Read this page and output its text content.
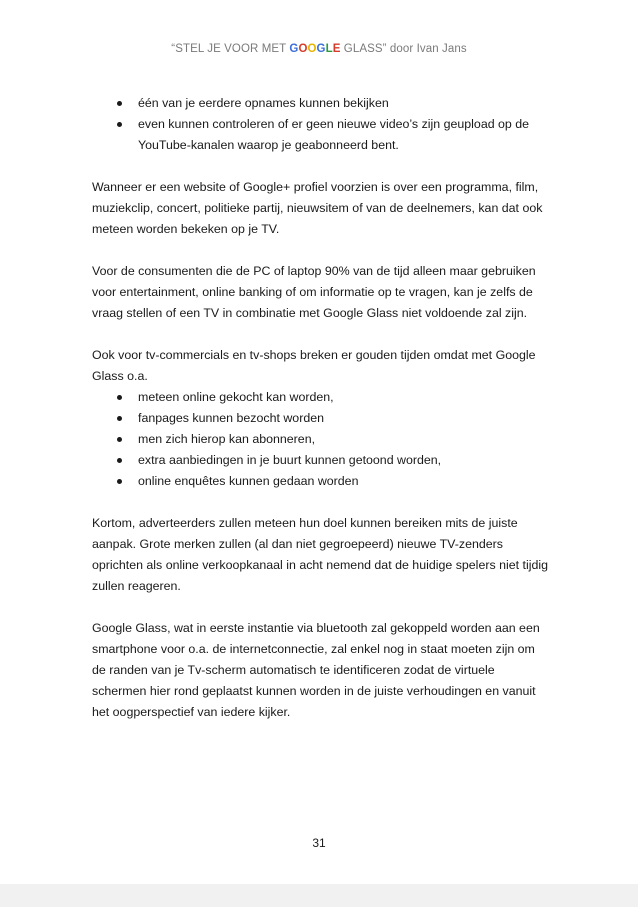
“STEL JE VOOR MET GOOGLE GLASS” door Ivan Jans
één van je eerdere opnames kunnen bekijken
even kunnen controleren of er geen nieuwe video’s zijn geupload op de YouTube-kanalen waarop je geabonneerd bent.

Wanneer er een website of Google+ profiel voorzien is over een programma, film, muziekclip, concert, politieke partij, nieuwsitem of van de deelnemers, kan dat ook meteen worden bekeken op je TV.

Voor de consumenten die de PC of laptop 90% van de tijd alleen maar gebruiken voor entertainment, online banking of om informatie op te vragen, kan je zelfs de vraag stellen of een TV in combinatie met Google Glass niet voldoende zal zijn.

Ook voor tv-commercials en tv-shops breken er gouden tijden omdat met Google Glass o.a.

meteen online gekocht kan worden,
fanpages kunnen bezocht worden
men zich hierop kan abonneren,
extra aanbiedingen in je buurt kunnen getoond worden,
online enquêtes kunnen gedaan worden

Kortom, adverteerders zullen meteen hun doel kunnen bereiken mits de juiste aanpak. Grote merken zullen (al dan niet gegroepeerd) nieuwe TV-zenders oprichten als online verkoopkanaal in acht nemend dat de huidige spelers niet tijdig zullen reageren.

Google Glass, wat in eerste instantie via bluetooth zal gekoppeld worden aan een smartphone voor o.a. de internetconnectie, zal enkel nog in staat moeten zijn om de randen van je Tv-scherm automatisch te identificeren zodat de virtuele schermen hier rond geplaatst kunnen worden in de juiste verhoudingen en vanuit het oogperspectief van iedere kijker.

31
